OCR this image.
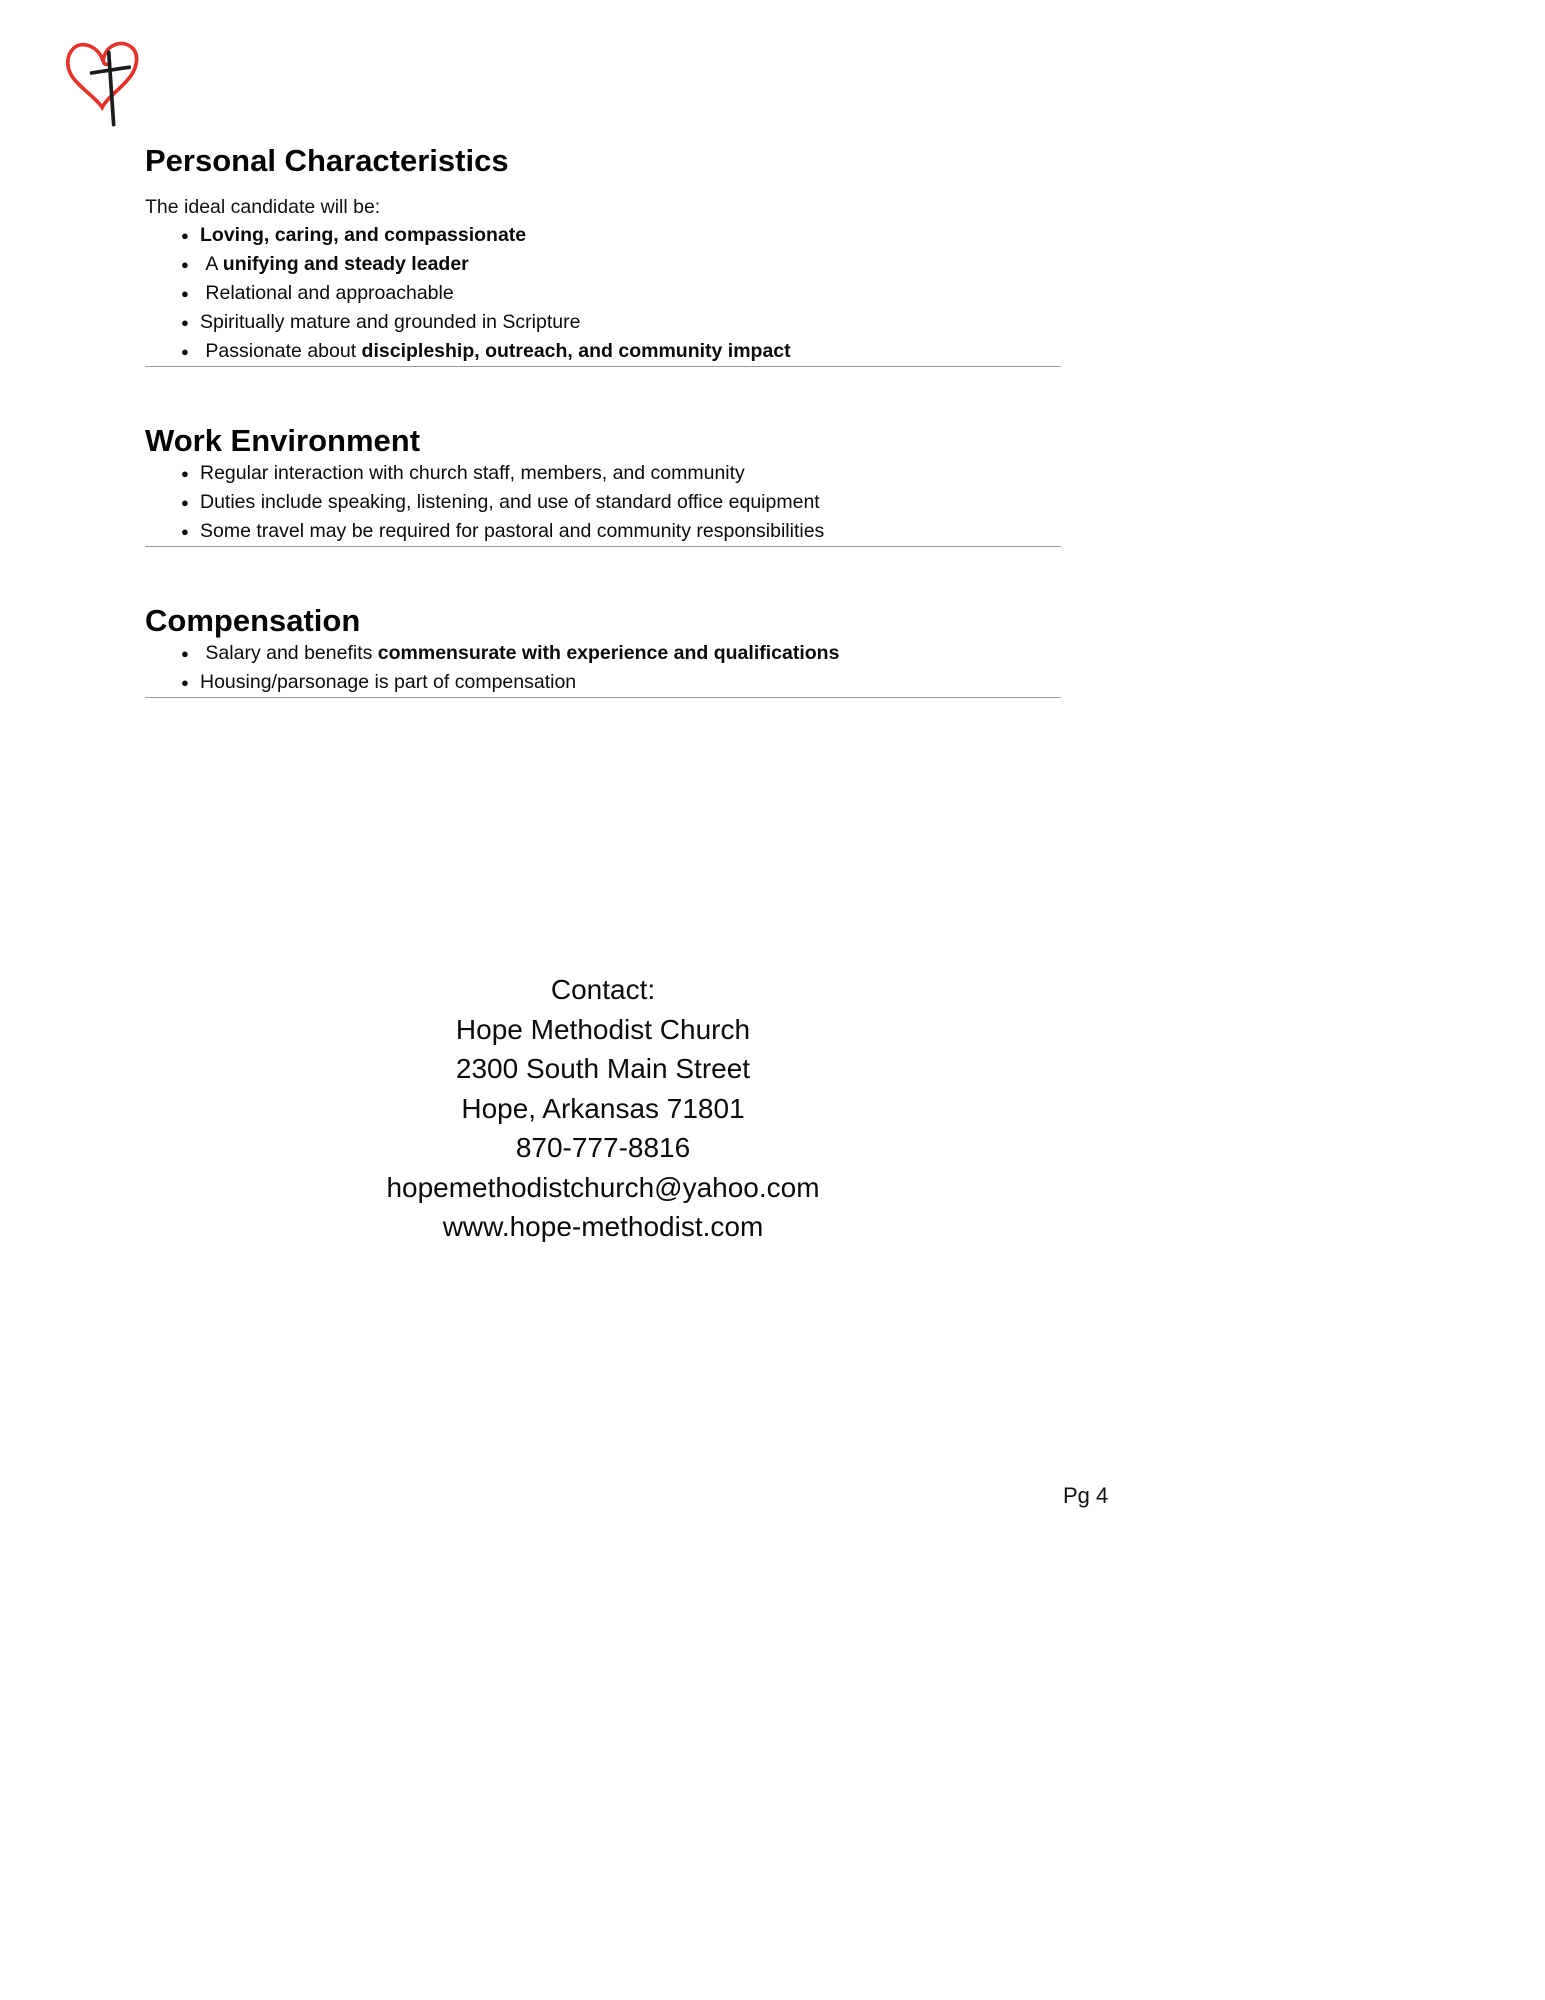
Personal Characteristics

The ideal candidate will be:

● Loving, caring, and compassionate
●  A unifying and steady leader
●  Relational and approachable
● Spiritually mature and grounded in Scripture
●  Passionate about discipleship, outreach, and community impact
Work Environment
● Regular interaction with church staff, members, and community
● Duties include speaking, listening, and use of standard office equipment
● Some travel may be required for pastoral and community responsibilities
Compensation
●  Salary and benefits commensurate with experience and qualifications
● Housing/parsonage is part of compensation
Contact:
Hope Methodist Church
2300 South Main Street
Hope, Arkansas 71801
870-777-8816
hopemethodistchurch@yahoo.com
www.hope-methodist.com
Pg 4
